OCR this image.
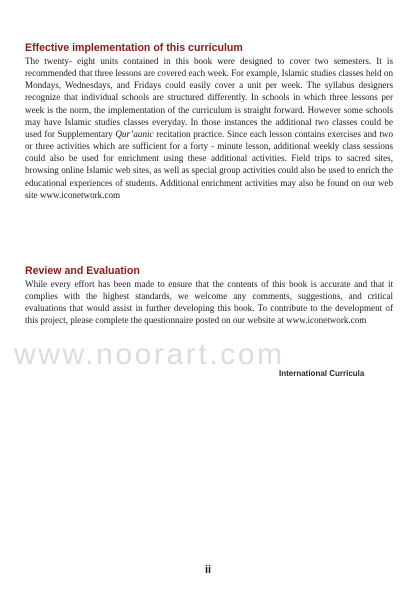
Effective implementation of this curriculum

The twenty- eight units contained in this book were designed to cover two semesters. It is recommended that three lessons are covered each week. For example, Islamic studies classes held on Mondays, Wednesdays, and Fridays could easily cover a unit per week. The syllabus designers recognize that individual schools are structured differently. In schools in which three lessons per week is the norm, the implementation of the curriculum is straight forward. However some schools may have Islamic studies classes everyday. In those instances the additional two classes could be used for Supplementary Qur’aanic recitation practice. Since each lesson contains exercises and two or three activities which are sufficient for a forty - minute lesson, additional weekly class sessions could also be used for enrichment using these additional activities. Field trips to sacred sites, browsing online Islamic web sites, as well as special group activities could also be used to enrich the educational experiences of students. Additional enrichment activities may also be found on our web site www.iconetwork.com

Review and Evaluation

While every effort has been made to ensure that the contents of this book is accurate and that it complies with the highest standards, we welcome any comments, suggestions, and critical evaluations that would assist in further developing this book. To contribute to the development of this project, please complete the questionnaire posted on our website at www.iconetwork.com

www.noorart.com
International Curricula
ii
